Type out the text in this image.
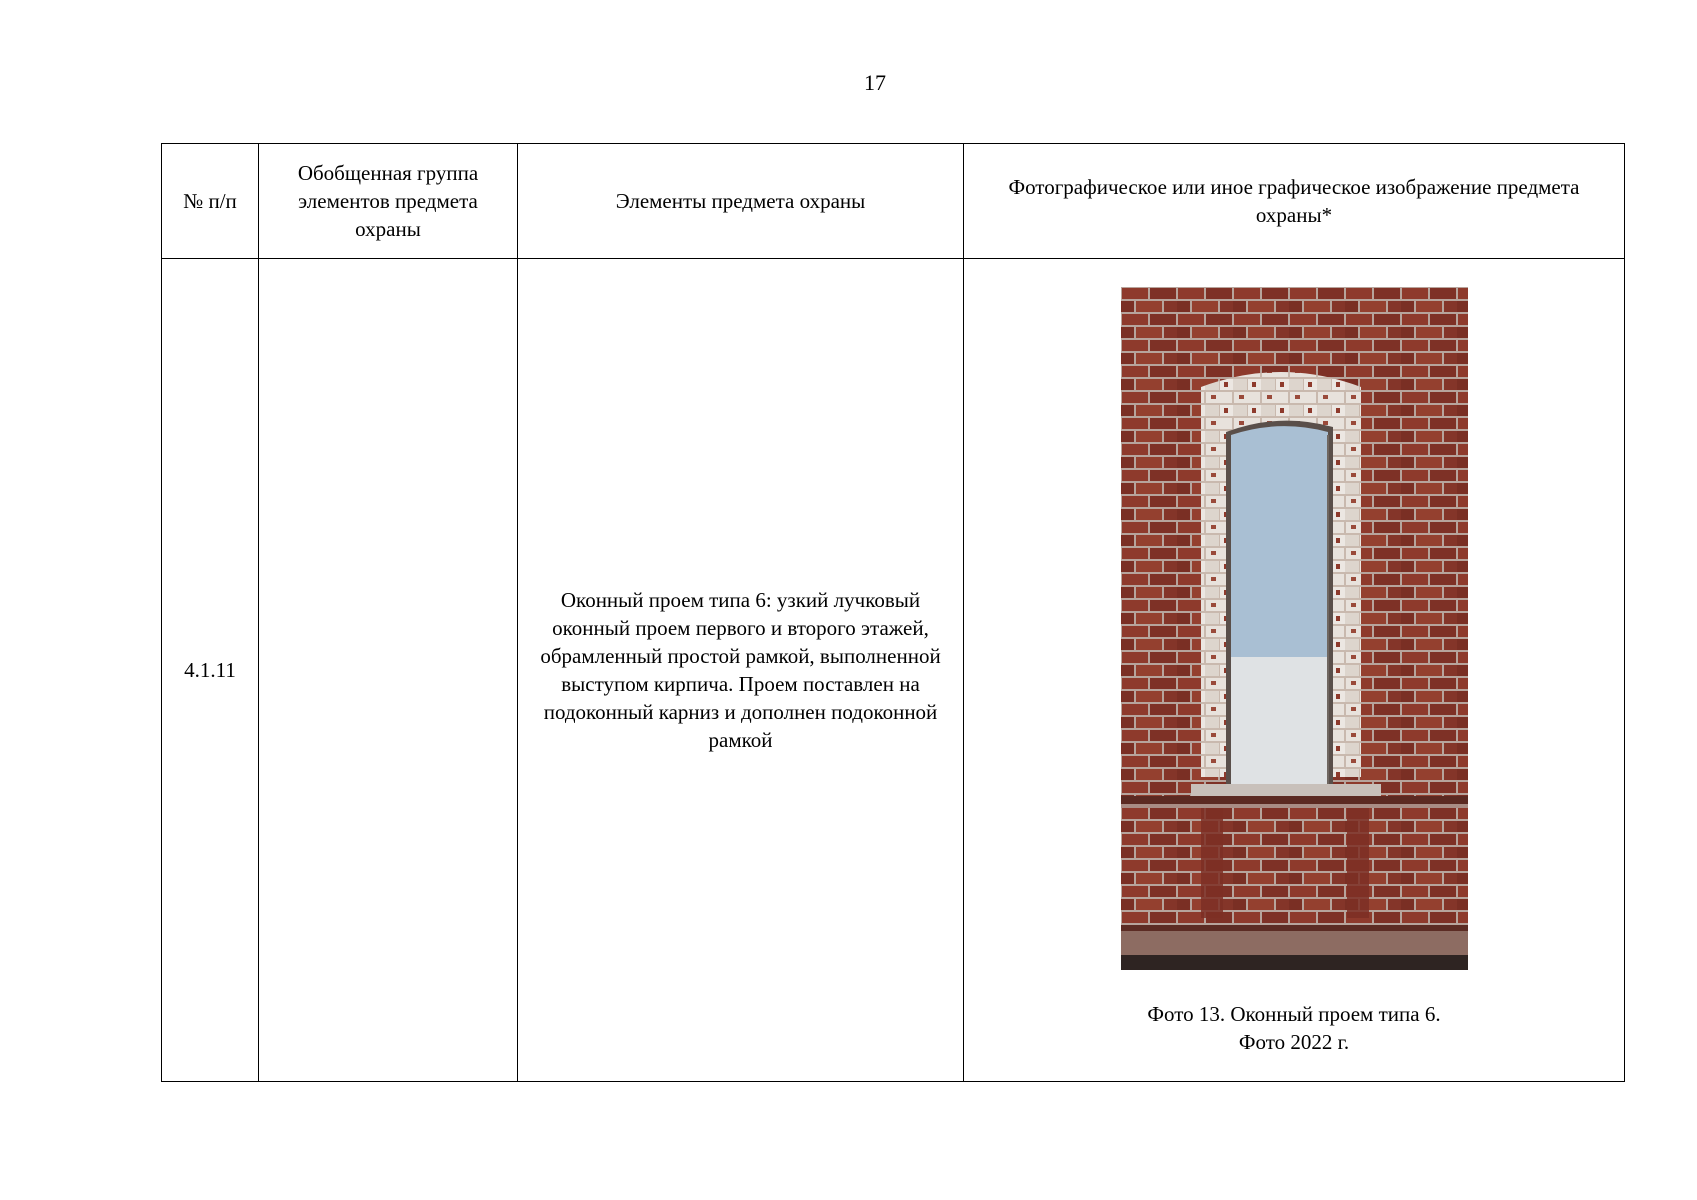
17
№ п/п	Обобщенная группа элементов предмета охраны	Элементы предмета охраны	Фотографическое или иное графическое изображение предмета охраны*
4.1.11		Оконный проем типа 6: узкий лучковый оконный проем первого и второго этажей, обрамленный простой рамкой, выполненной выступом кирпича. Проем поставлен на подоконный карниз и дополнен подоконной рамкой	Фото 13. Оконный проем типа 6.
Фото 2022 г.
